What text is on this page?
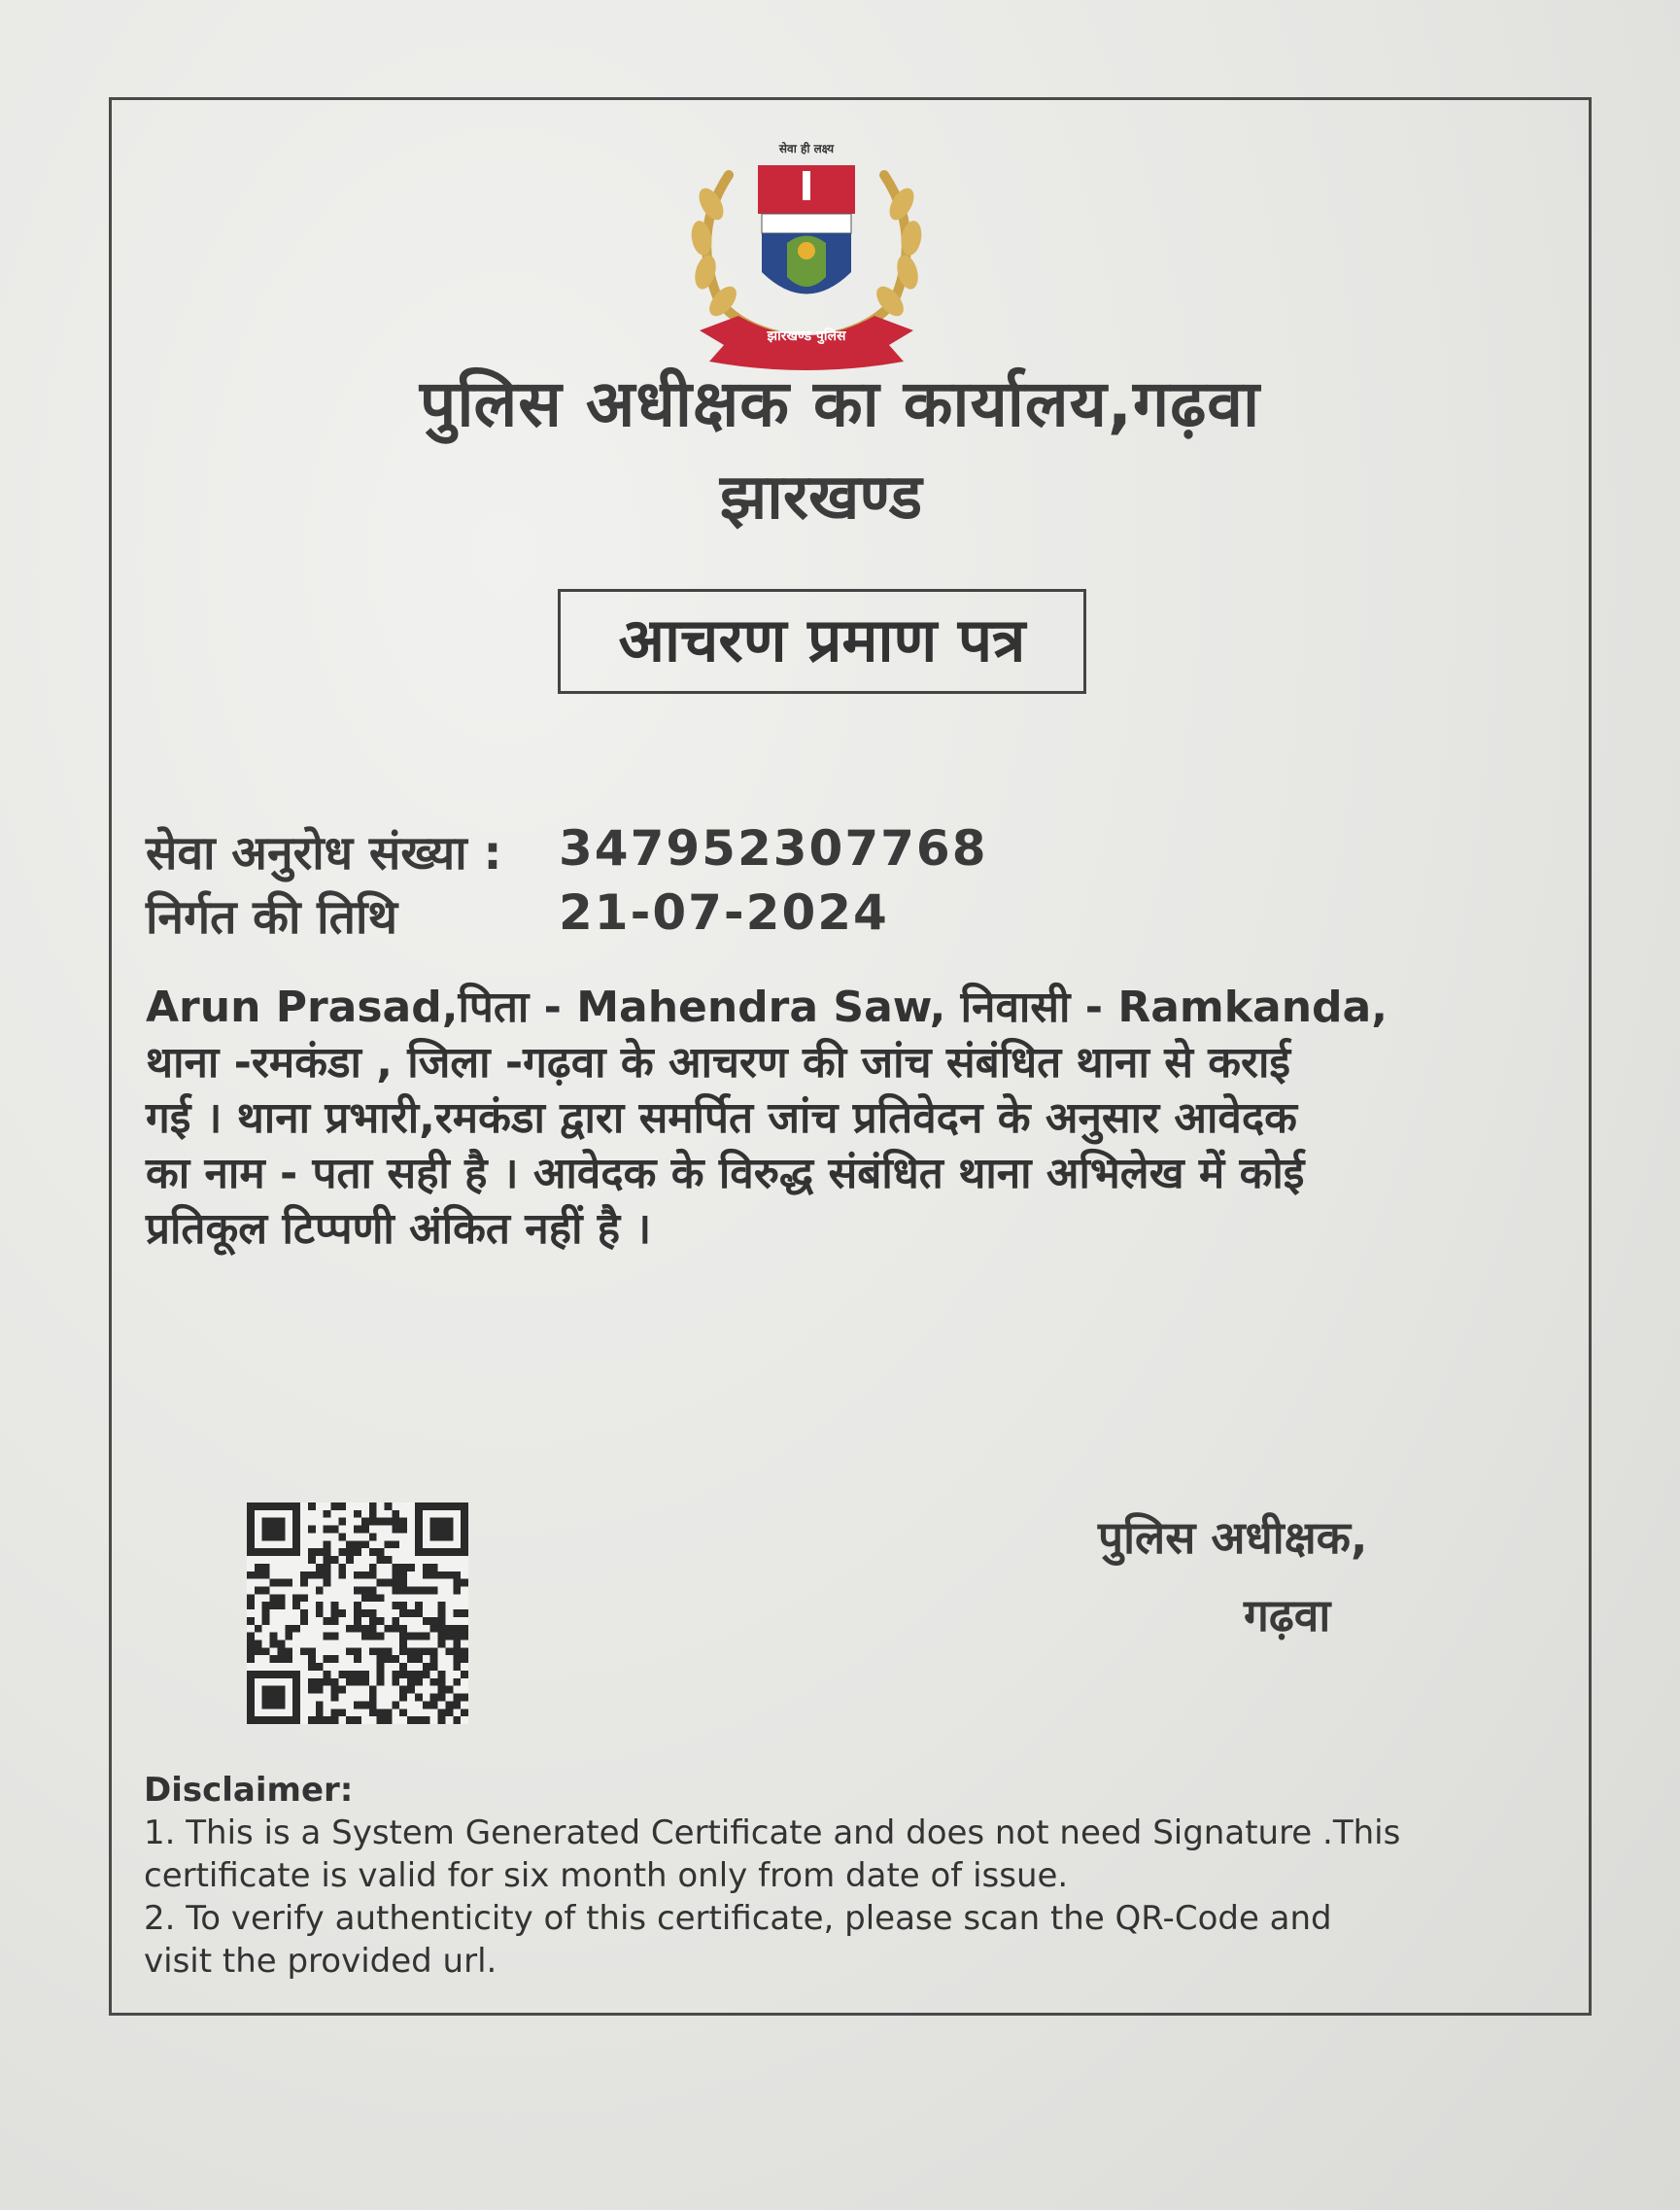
सेवा ही लक्ष्य
झारखण्ड पुलिस
पुलिस अधीक्षक का कार्यालय,गढ़वा
झारखण्ड
आचरण प्रमाण पत्र
सेवा अनुरोध संख्या : 347952307768
निर्गत की तिथि	21-07-2024
Arun Prasad,पिता - Mahendra Saw, निवासी - Ramkanda,
थाना -रमकंडा , जिला -गढ़वा के आचरण की जांच संबंधित थाना से कराई
गई । थाना प्रभारी,रमकंडा द्वारा समर्पित जांच प्रतिवेदन के अनुसार आवेदक
का नाम - पता सही है । आवेदक के विरुद्ध संबंधित थाना अभिलेख में कोई
प्रतिकूल टिप्पणी अंकित नहीं है ।
पुलिस अधीक्षक,
गढ़वा
Disclaimer:
1. This is a System Generated Certificate and does not need Signature .This
certificate is valid for six month only from date of issue.
2. To verify authenticity of this certificate, please scan the QR-Code and
visit the provided url.
